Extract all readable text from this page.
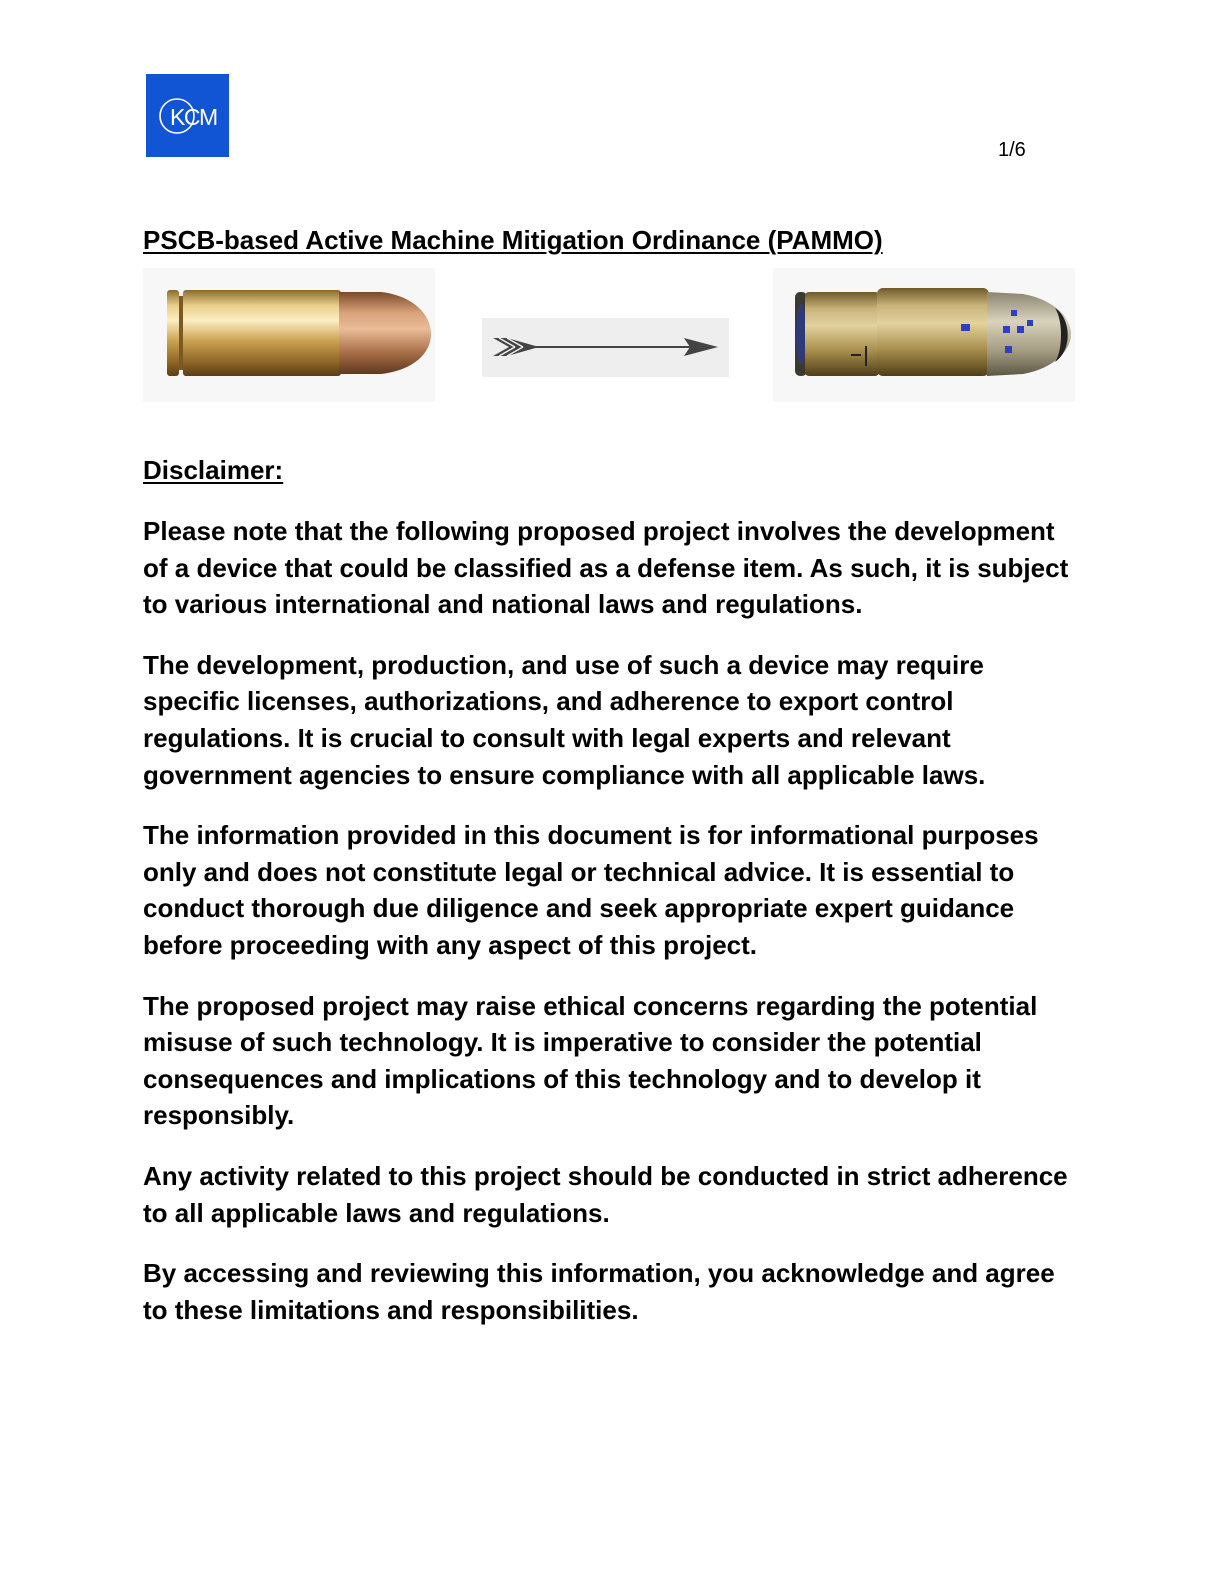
KCM
1/6
PSCB-based Active Machine Mitigation Ordinance (PAMMO)
Disclaimer:

Please note that the following proposed project involves the development of a device that could be classified as a defense item. As such, it is subject to various international and national laws and regulations.

The development, production, and use of such a device may require specific licenses, authorizations, and adherence to export control regulations. It is crucial to consult with legal experts and relevant government agencies to ensure compliance with all applicable laws.

The information provided in this document is for informational purposes only and does not constitute legal or technical advice. It is essential to conduct thorough due diligence and seek appropriate expert guidance before proceeding with any aspect of this project.

The proposed project may raise ethical concerns regarding the potential misuse of such technology. It is imperative to consider the potential consequences and implications of this technology and to develop it responsibly.

Any activity related to this project should be conducted in strict adherence to all applicable laws and regulations.

By accessing and reviewing this information, you acknowledge and agree to these limitations and responsibilities.
